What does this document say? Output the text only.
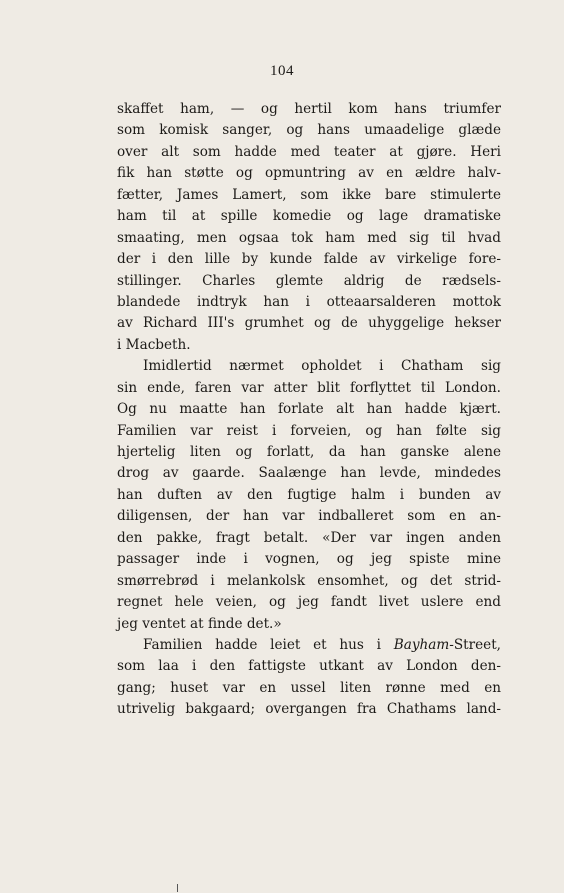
104
skaffet ham, — og hertil kom hans triumfer
som komisk sanger, og hans umaadelige glæde
over alt som hadde med teater at gjøre. Heri
fik han støtte og opmuntring av en ældre halv-
fætter, James Lamert, som ikke bare stimulerte
ham til at spille komedie og lage dramatiske
smaating, men ogsaa tok ham med sig til hvad
der i den lille by kunde falde av virkelige fore-
stillinger. Charles glemte aldrig de rædsels-
blandede indtryk han i otteaarsalderen mottok
av Richard III's grumhet og de uhyggelige hekser
i Macbeth.
Imidlertid nærmet opholdet i Chatham sig
sin ende, faren var atter blit forflyttet til London.
Og nu maatte han forlate alt han hadde kjært.
Familien var reist i forveien, og han følte sig
hjertelig liten og forlatt, da han ganske alene
drog av gaarde. Saalænge han levde, mindedes
han duften av den fugtige halm i bunden av
diligensen, der han var indballeret som en an-
den pakke, fragt betalt. «Der var ingen anden
passager inde i vognen, og jeg spiste mine
smørrebrød i melankolsk ensomhet, og det strid-
regnet hele veien, og jeg fandt livet uslere end
jeg ventet at finde det.»
Familien hadde leiet et hus i Bayham-Street,
som laa i den fattigste utkant av London den-
gang; huset var en ussel liten rønne med en
utrivelig bakgaard; overgangen fra Chathams land-
